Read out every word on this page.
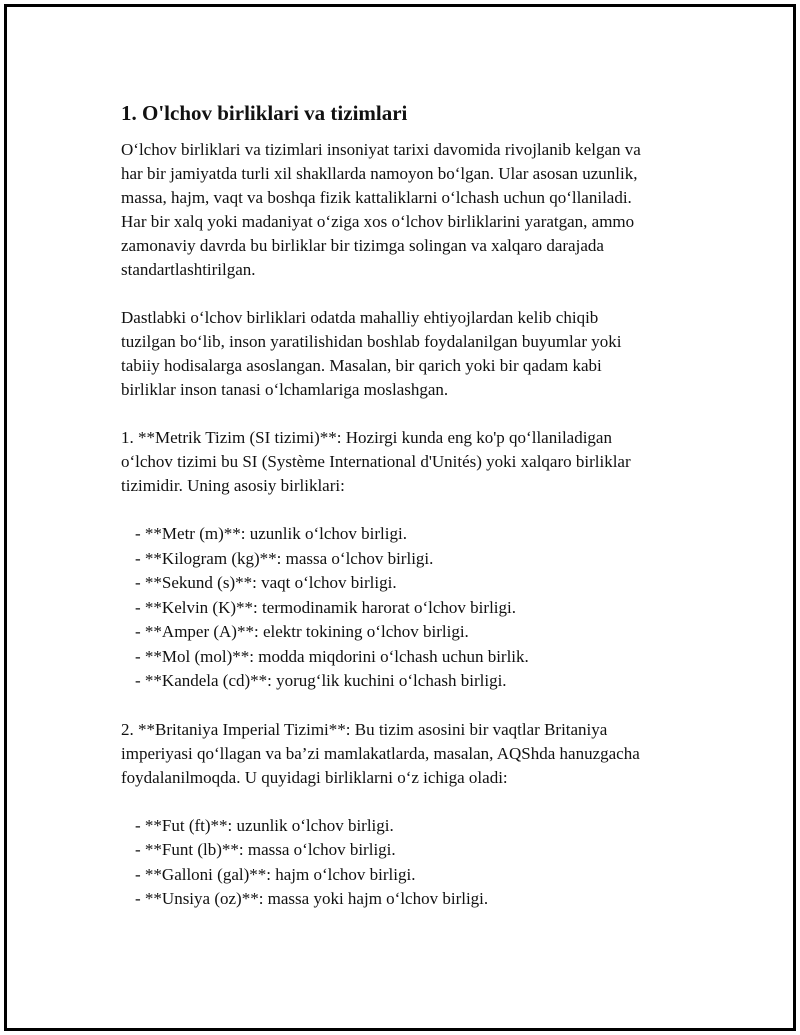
1. O'lchov birliklari va tizimlari

O‘lchov birliklari va tizimlari insoniyat tarixi davomida rivojlanib kelgan va
har bir jamiyatda turli xil shakllarda namoyon bo‘lgan. Ular asosan uzunlik,
massa, hajm, vaqt va boshqa fizik kattaliklarni o‘lchash uchun qo‘llaniladi.
Har bir xalq yoki madaniyat o‘ziga xos o‘lchov birliklarini yaratgan, ammo
zamonaviy davrda bu birliklar bir tizimga solingan va xalqaro darajada
standartlashtirilgan.

Dastlabki o‘lchov birliklari odatda mahalliy ehtiyojlardan kelib chiqib
tuzilgan bo‘lib, inson yaratilishidan boshlab foydalanilgan buyumlar yoki
tabiiy hodisalarga asoslangan. Masalan, bir qarich yoki bir qadam kabi
birliklar inson tanasi o‘lchamlariga moslashgan.

1. **Metrik Tizim (SI tizimi)**: Hozirgi kunda eng ko'p qo‘llaniladigan
o‘lchov tizimi bu SI (Système International d'Unités) yoki xalqaro birliklar
tizimidir. Uning asosiy birliklari:

- **Metr (m)**: uzunlik o‘lchov birligi.
- **Kilogram (kg)**: massa o‘lchov birligi.
- **Sekund (s)**: vaqt o‘lchov birligi.
- **Kelvin (K)**: termodinamik harorat o‘lchov birligi.
- **Amper (A)**: elektr tokining o‘lchov birligi.
- **Mol (mol)**: modda miqdorini o‘lchash uchun birlik.
- **Kandela (cd)**: yorug‘lik kuchini o‘lchash birligi.

2. **Britaniya Imperial Tizimi**: Bu tizim asosini bir vaqtlar Britaniya
imperiyasi qo‘llagan va ba’zi mamlakatlarda, masalan, AQShda hanuzgacha
foydalanilmoqda. U quyidagi birliklarni o‘z ichiga oladi:

- **Fut (ft)**: uzunlik o‘lchov birligi.
- **Funt (lb)**: massa o‘lchov birligi.
- **Galloni (gal)**: hajm o‘lchov birligi.
- **Unsiya (oz)**: massa yoki hajm o‘lchov birligi.
